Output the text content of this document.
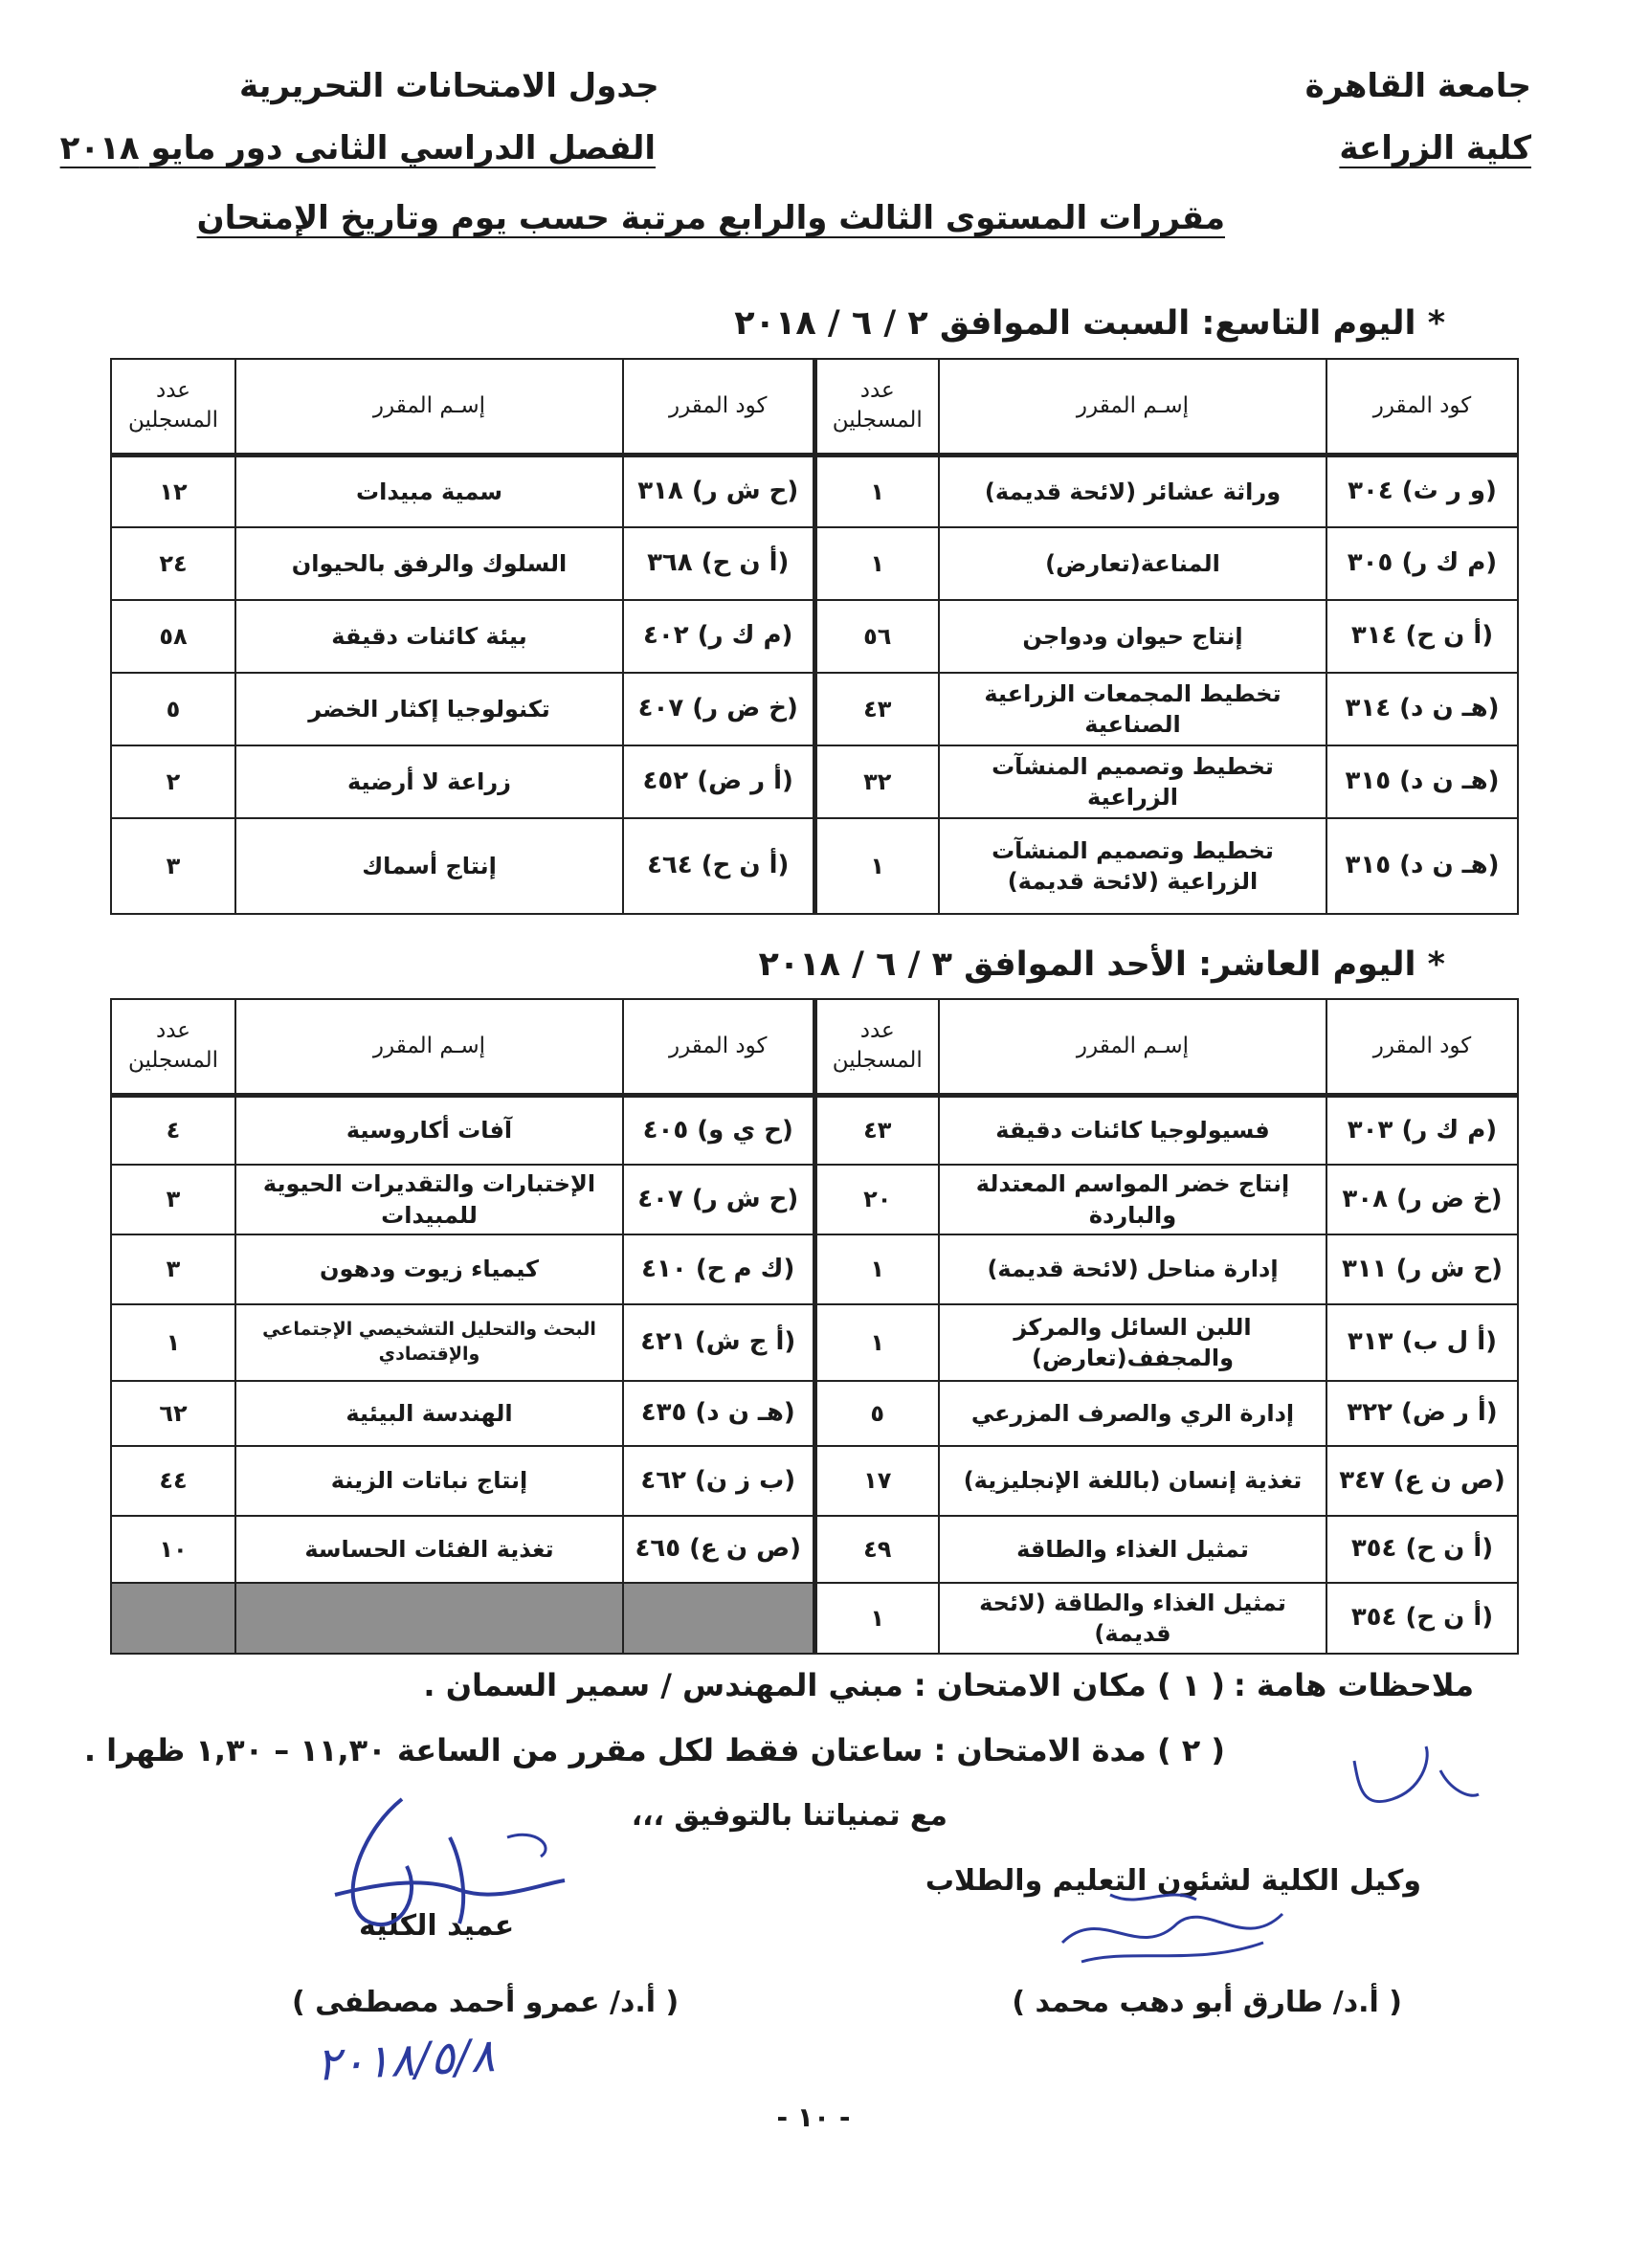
جامعة القاهرة
كلية الزراعة
جدول الامتحانات التحريرية
الفصل الدراسي الثانى دور مايو ٢٠١٨
مقررات المستوى الثالث والرابع مرتبة حسب يوم وتاريخ الإمتحان
* اليوم التاسع: السبت الموافق ٢ / ٦ / ٢٠١٨
كود المقرر	إسـم المقرر	عدد المسجلين	كود المقرر	إسـم المقرر	عدد المسجلين
(و ر ث) ٣٠٤	وراثة عشائر (لائحة قديمة)	١	(ح ش ر) ٣١٨	سمية مبيدات	١٢
(م ك ر) ٣٠٥	المناعة(تعارض)	١	(أ ن ح) ٣٦٨	السلوك والرفق بالحيوان	٢٤
(أ ن ح) ٣١٤	إنتاج حيوان ودواجن	٥٦	(م ك ر) ٤٠٢	بيئة كائنات دقيقة	٥٨
(هـ ن د) ٣١٤	تخطيط المجمعات الزراعية الصناعية	٤٣	(خ ض ر) ٤٠٧	تكنولوجيا إكثار الخضر	٥
(هـ ن د) ٣١٥	تخطيط وتصميم المنشآت الزراعية	٣٢	(أ ر ض) ٤٥٢	زراعة لا أرضية	٢
(هـ ن د) ٣١٥	تخطيط وتصميم المنشآت الزراعية (لائحة قديمة)	١	(أ ن ح) ٤٦٤	إنتاج أسماك	٣
* اليوم العاشر: الأحد الموافق ٣ / ٦ / ٢٠١٨
كود المقرر	إسـم المقرر	عدد المسجلين	كود المقرر	إسـم المقرر	عدد المسجلين
(م ك ر) ٣٠٣	فسيولوجيا كائنات دقيقة	٤٣	(ح ي و) ٤٠٥	آفات أكاروسية	٤
(خ ض ر) ٣٠٨	إنتاج خضر المواسم المعتدلة والباردة	٢٠	(ح ش ر) ٤٠٧	الإختبارات والتقديرات الحيوية للمبيدات	٣
(ح ش ر) ٣١١	إدارة مناحل (لائحة قديمة)	١	(ك م ح) ٤١٠	كيمياء زيوت ودهون	٣
(أ ل ب) ٣١٣	اللبن السائل والمركز والمجفف(تعارض)	١	(أ ج ش) ٤٢١	البحث والتحليل التشخيصي الإجتماعي والإقتصادي	١
(أ ر ض) ٣٢٢	إدارة الري والصرف المزرعي	٥	(هـ ن د) ٤٣٥	الهندسة البيئية	٦٢
(ص ن ع) ٣٤٧	تغذية إنسان (باللغة الإنجليزية)	١٧	(ب ز ن) ٤٦٢	إنتاج نباتات الزينة	٤٤
(أ ن ح) ٣٥٤	تمثيل الغذاء والطاقة	٤٩	(ص ن ع) ٤٦٥	تغذية الفئات الحساسة	١٠
(أ ن ح) ٣٥٤	تمثيل الغذاء والطاقة (لائحة قديمة)	١			
ملاحظات هامة :
( ١ ) مكان الامتحان : مبني المهندس / سمير السمان .
( ٢ ) مدة الامتحان : ساعتان فقط لكل مقرر من الساعة ١١,٣٠ – ١,٣٠ ظهرا .
مع تمنياتنا بالتوفيق ،،،
وكيل الكلية لشئون التعليم والطلاب
( أ.د/ طارق أبو دهب محمد )
عميد الكلية
( أ.د/ عمرو أحمد مصطفى )
٢٠١٨/٥/٨
- ١٠ -
